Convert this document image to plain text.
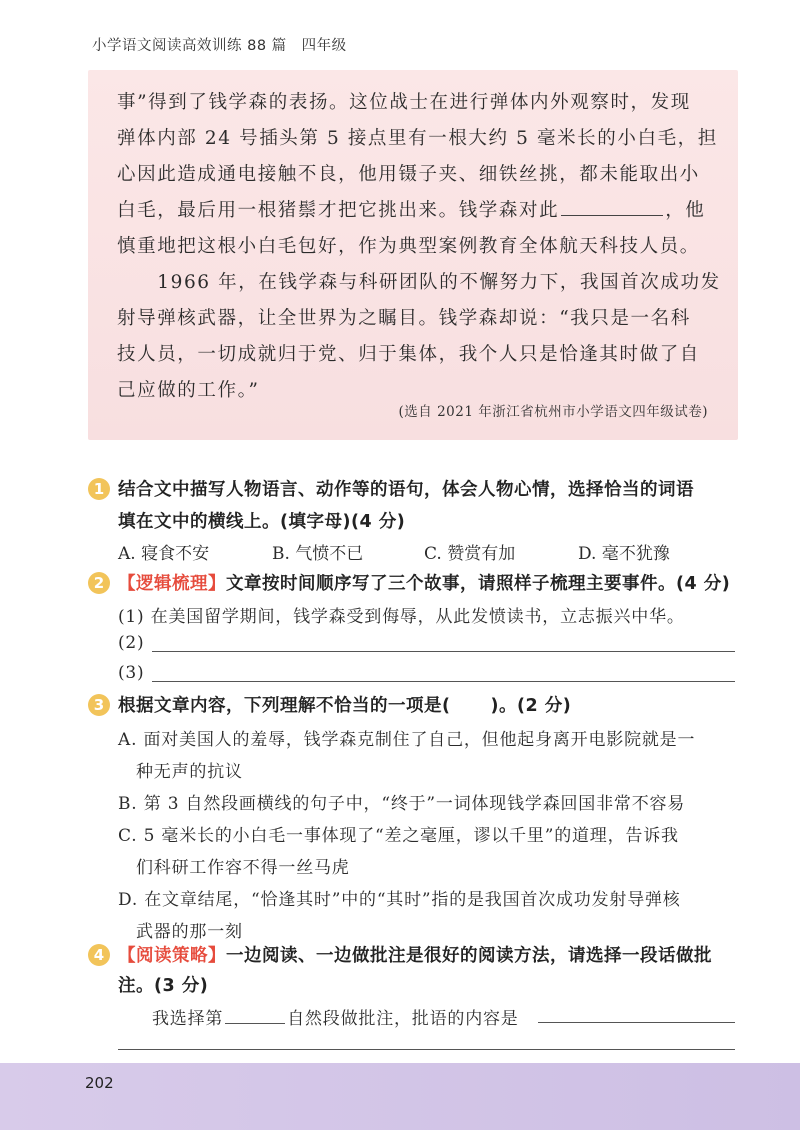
小学语文阅读高效训练 88 篇　四年级
事”得到了钱学森的表扬。这位战士在进行弹体内外观察时，发现
弹体内部 24 号插头第 5 接点里有一根大约 5 毫米长的小白毛，担
心因此造成通电接触不良，他用镊子夹、细铁丝挑，都未能取出小
白毛，最后用一根猪鬃才把它挑出来。钱学森对此	，他
慎重地把这根小白毛包好，作为典型案例教育全体航天科技人员。
　　1966 年，在钱学森与科研团队的不懈努力下，我国首次成功发
射导弹核武器，让全世界为之瞩目。钱学森却说：“我只是一名科
技人员，一切成就归于党、归于集体，我个人只是恰逢其时做了自
己应做的工作。”
(选自 2021 年浙江省杭州市小学语文四年级试卷)
1 结合文中描写人物语言、动作等的语句，体会人物心情，选择恰当的词语
填在文中的横线上。(填字母)(4 分)
A. 寝食不安	B. 气愤不已	C. 赞赏有加	D. 毫不犹豫
2 【逻辑梳理】文章按时间顺序写了三个故事，请照样子梳理主要事件。(4 分)
(1) 在美国留学期间，钱学森受到侮辱，从此发愤读书，立志振兴中华。
(2)
(3)
3 根据文章内容，下列理解不恰当的一项是( )。(2 分)
A. 面对美国人的羞辱，钱学森克制住了自己，但他起身离开电影院就是一
种无声的抗议
B. 第 3 自然段画横线的句子中，“终于”一词体现钱学森回国非常不容易
C. 5 毫米长的小白毛一事体现了“差之毫厘，谬以千里”的道理，告诉我
们科研工作容不得一丝马虎
D. 在文章结尾，“恰逢其时”中的“其时”指的是我国首次成功发射导弹核
武器的那一刻
4 【阅读策略】一边阅读、一边做批注是很好的阅读方法，请选择一段话做批
注。(3 分)
我选择第	自然段做批注，批语的内容是
202
